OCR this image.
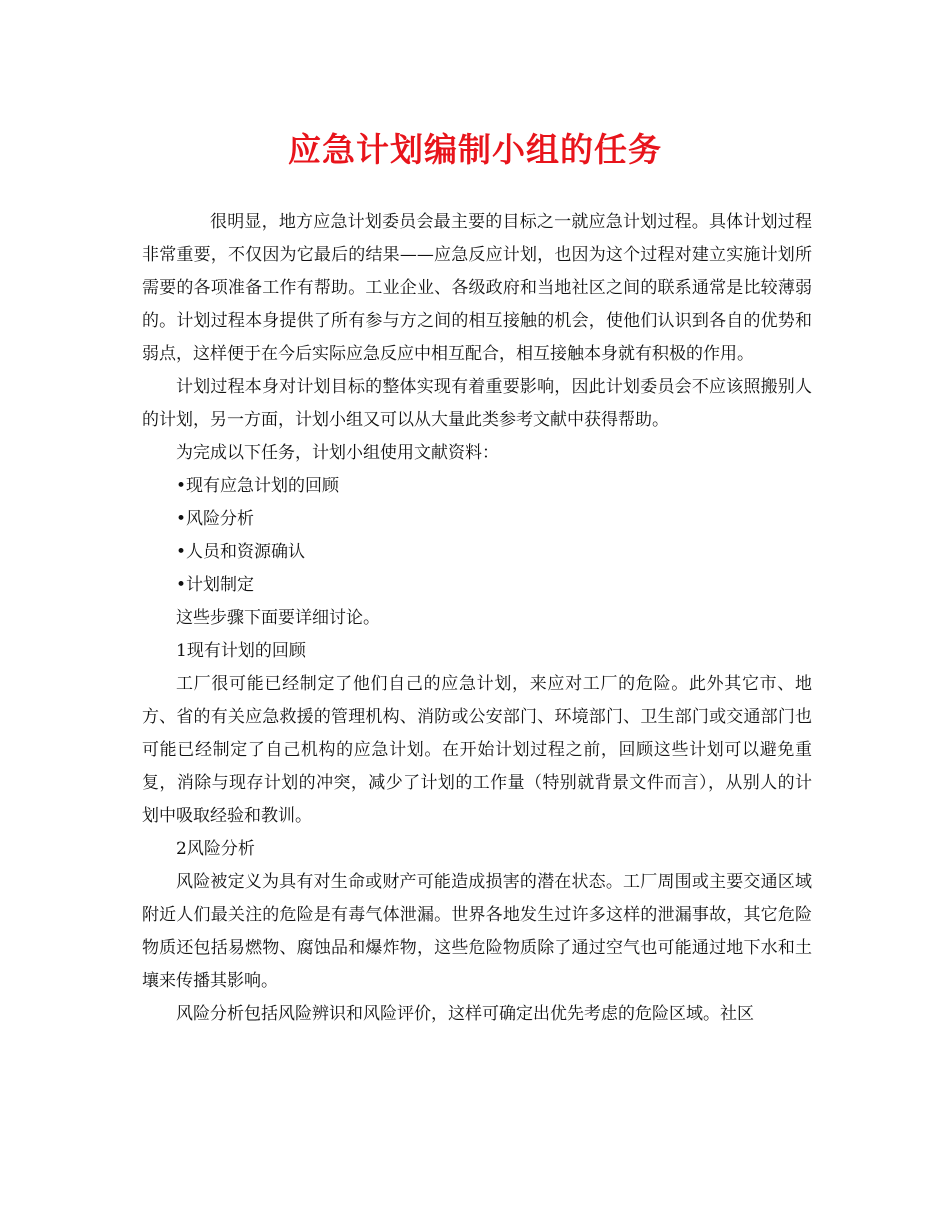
应急计划编制小组的任务

很明显，地方应急计划委员会最主要的目标之一就应急计划过程。具体计划过程非常重要，不仅因为它最后的结果——应急反应计划，也因为这个过程对建立实施计划所需要的各项准备工作有帮助。工业企业、各级政府和当地社区之间的联系通常是比较薄弱的。计划过程本身提供了所有参与方之间的相互接触的机会，使他们认识到各自的优势和弱点，这样便于在今后实际应急反应中相互配合，相互接触本身就有积极的作用。

计划过程本身对计划目标的整体实现有着重要影响，因此计划委员会不应该照搬别人的计划，另一方面，计划小组又可以从大量此类参考文献中获得帮助。

为完成以下任务，计划小组使用文献资料：

•现有应急计划的回顾

•风险分析

•人员和资源确认

•计划制定

这些步骤下面要详细讨论。

1现有计划的回顾

工厂很可能已经制定了他们自己的应急计划，来应对工厂的危险。此外其它市、地方、省的有关应急救援的管理机构、消防或公安部门、环境部门、卫生部门或交通部门也可能已经制定了自己机构的应急计划。在开始计划过程之前，回顾这些计划可以避免重复，消除与现存计划的冲突，减少了计划的工作量（特别就背景文件而言），从别人的计划中吸取经验和教训。

2风险分析

风险被定义为具有对生命或财产可能造成损害的潜在状态。工厂周围或主要交通区域附近人们最关注的危险是有毒气体泄漏。世界各地发生过许多这样的泄漏事故，其它危险物质还包括易燃物、腐蚀品和爆炸物，这些危险物质除了通过空气也可能通过地下水和土壤来传播其影响。

风险分析包括风险辨识和风险评价，这样可确定出优先考虑的危险区域。社区
